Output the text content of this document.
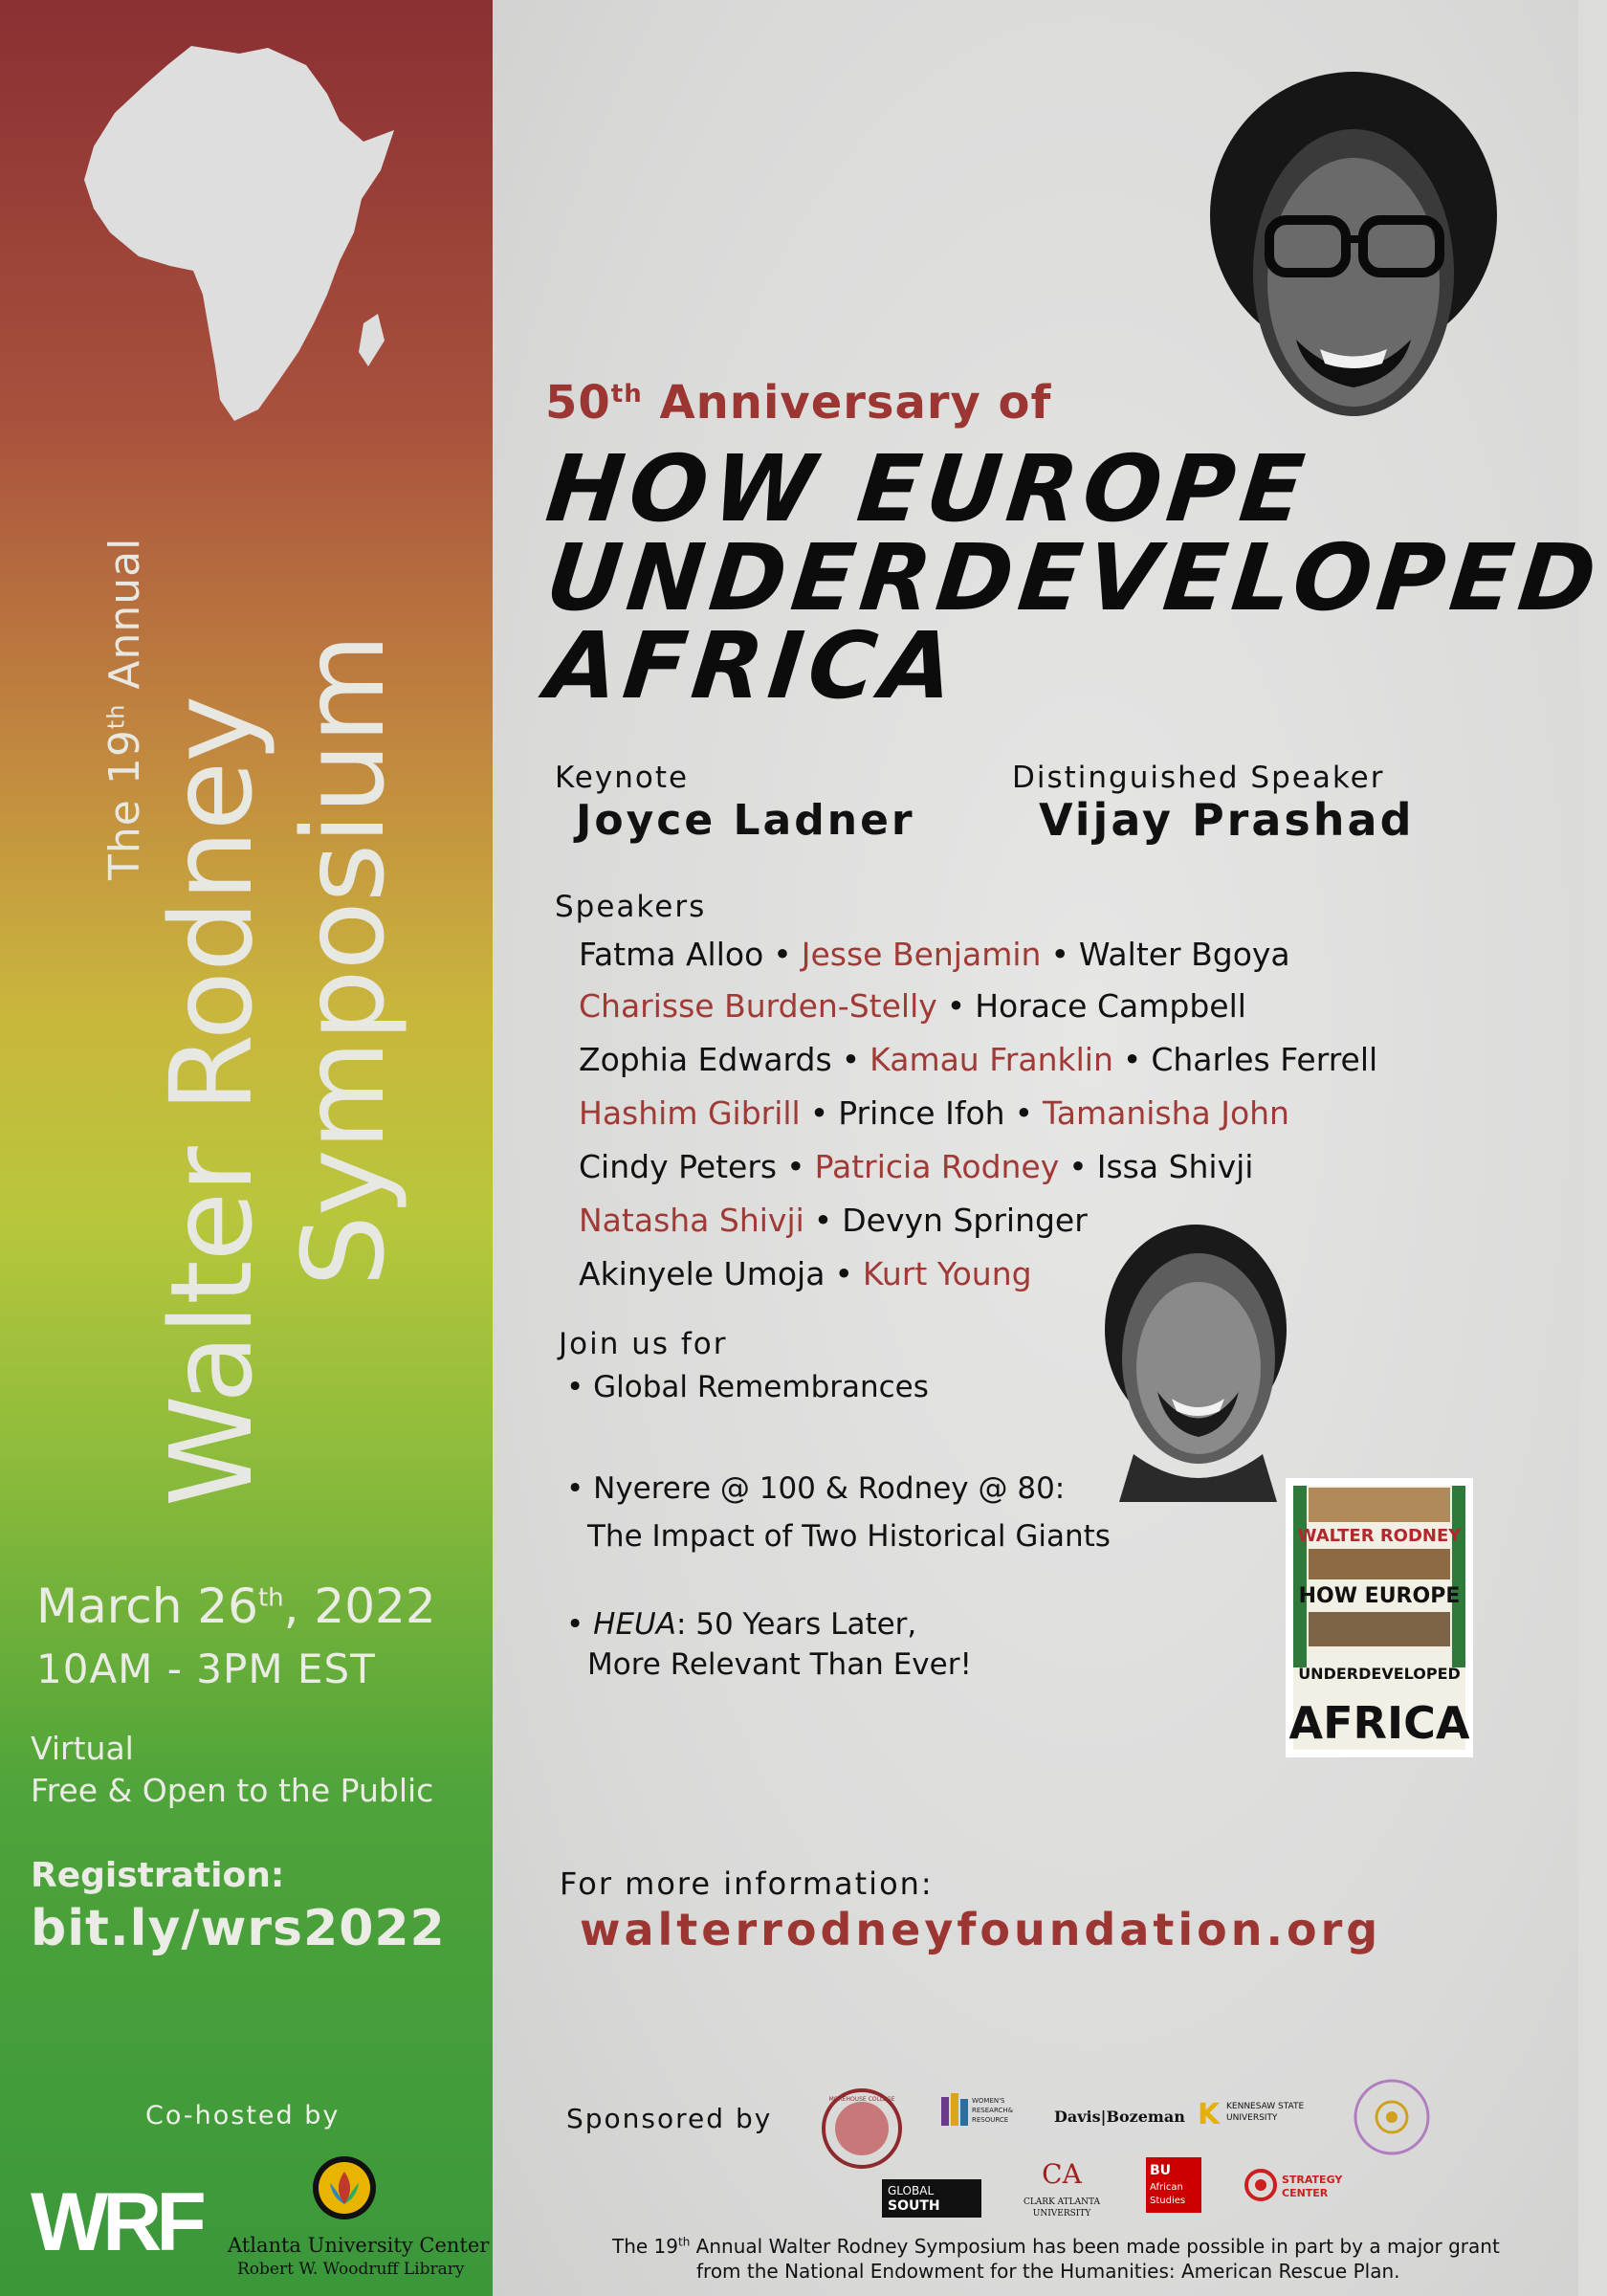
The 19th Annual
Walter Rodney Symposium
March 26th, 2022
10AM - 3PM EST
Virtual
Free & Open to the Public
Registration:
bit.ly/wrs2022
Co-hosted by
WRF Atlanta University Center
Robert W. Woodruff Library
50th Anniversary of
HOW EUROPE
UNDERDEVELOPED
AFRICA
Keynote
Joyce Ladner
Distinguished Speaker
Vijay Prashad
Speakers
Fatma Alloo • Jesse Benjamin • Walter Bgoya
Charisse Burden-Stelly • Horace Campbell
Zophia Edwards • Kamau Franklin • Charles Ferrell
Hashim Gibrill • Prince Ifoh • Tamanisha John
Cindy Peters • Patricia Rodney • Issa Shivji
Natasha Shivji • Devyn Springer
Akinyele Umoja • Kurt Young
Join us for
• Global Remembrances
• Nyerere @ 100 & Rodney @ 80:
The Impact of Two Historical Giants
• HEUA: 50 Years Later,
More Relevant Than Ever!
WALTER RODNEY
HOW EUROPE
UNDERDEVELOPED
AFRICA
For more information:
walterrodneyfoundation.org
Sponsored by
MOREHOUSE COLLEGE	WOMEN'S
RESEARCH&
RESOURCE	Davis|Bozeman K KENNESAW STATE
UNIVERSITY
GLOBAL
SOUTH
CA
CLARK ATLANTA
UNIVERSITY
BU
African
Studies
STRATEGY
CENTER
The 19th Annual Walter Rodney Symposium has been made possible in part by a major grant
from the National Endowment for the Humanities: American Rescue Plan.
